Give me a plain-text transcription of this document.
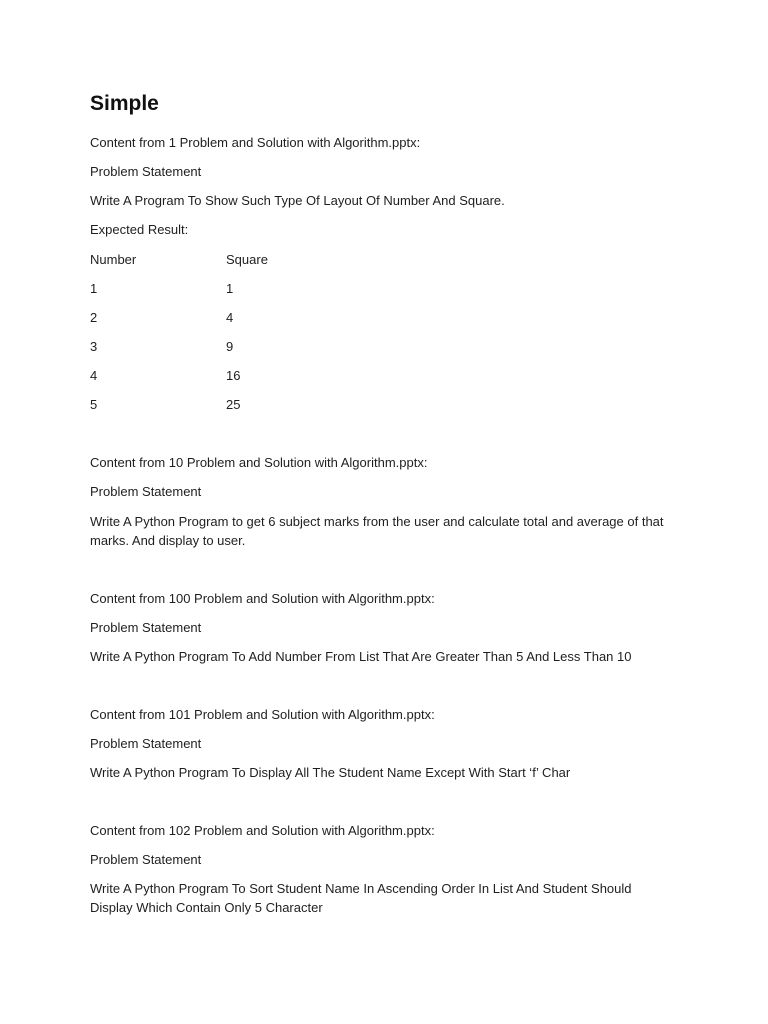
Simple
Content from 1 Problem and Solution with Algorithm.pptx:
Problem Statement
Write A Program To Show Such Type Of Layout Of Number And Square.
Expected Result:
Number	Square
1	1
2	4
3	9
4	16
5	25
Content from 10 Problem and Solution with Algorithm.pptx:
Problem Statement
Write A Python Program to get 6 subject marks from the user and calculate total and average of that marks. And display to user.
Content from 100 Problem and Solution with Algorithm.pptx:
Problem Statement
Write A Python Program To Add Number From List That Are Greater Than 5 And Less Than 10
Content from 101 Problem and Solution with Algorithm.pptx:
Problem Statement
Write A Python Program To Display All The Student Name Except With Start ‘f’ Char
Content from 102 Problem and Solution with Algorithm.pptx:
Problem Statement
Write A Python Program To Sort Student Name In Ascending Order In List And Student Should Display Which Contain Only 5 Character
